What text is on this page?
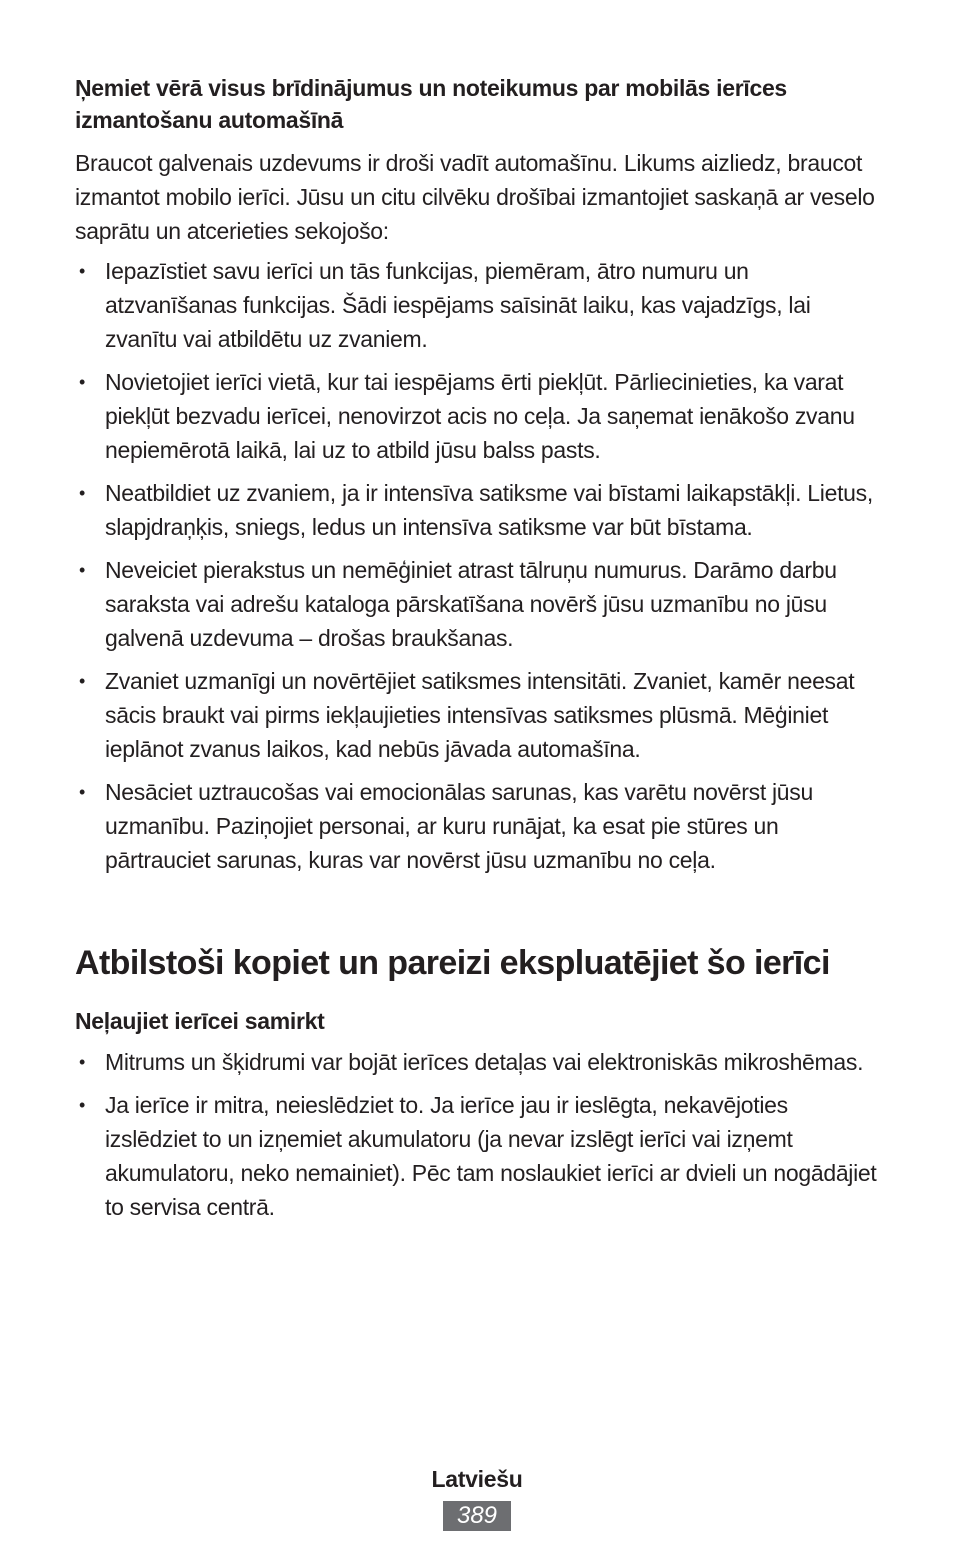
Ņemiet vērā visus brīdinājumus un noteikumus par mobilās ierīces izmantošanu automašīnā

Braucot galvenais uzdevums ir droši vadīt automašīnu. Likums aizliedz, braucot izmantot mobilo ierīci. Jūsu un citu cilvēku drošībai izmantojiet saskaņā ar veselo saprātu un atcerieties sekojošo:

• Iepazīstiet savu ierīci un tās funkcijas, piemēram, ātro numuru un atzvanīšanas funkcijas. Šādi iespējams saīsināt laiku, kas vajadzīgs, lai zvanītu vai atbildētu uz zvaniem.
• Novietojiet ierīci vietā, kur tai iespējams ērti piekļūt. Pārliecinieties, ka varat piekļūt bezvadu ierīcei, nenovirzot acis no ceļa. Ja saņemat ienākošo zvanu nepiemērotā laikā, lai uz to atbild jūsu balss pasts.
• Neatbildiet uz zvaniem, ja ir intensīva satiksme vai bīstami laikapstākļi. Lietus, slapjdraņķis, sniegs, ledus un intensīva satiksme var būt bīstama.
• Neveiciet pierakstus un nemēģiniet atrast tālruņu numurus. Darāmo darbu saraksta vai adrešu kataloga pārskatīšana novērš jūsu uzmanību no jūsu galvenā uzdevuma – drošas braukšanas.
• Zvaniet uzmanīgi un novērtējiet satiksmes intensitāti. Zvaniet, kamēr neesat sācis braukt vai pirms iekļaujieties intensīvas satiksmes plūsmā. Mēģiniet ieplānot zvanus laikos, kad nebūs jāvada automašīna.
• Nesāciet uztraucošas vai emocionālas sarunas, kas varētu novērst jūsu uzmanību. Paziņojiet personai, ar kuru runājat, ka esat pie stūres un pārtrauciet sarunas, kuras var novērst jūsu uzmanību no ceļa.
Atbilstoši kopiet un pareizi ekspluatējiet šo ierīci
Neļaujiet ierīcei samirkt
• Mitrums un šķidrumi var bojāt ierīces detaļas vai elektroniskās mikroshēmas.
• Ja ierīce ir mitra, neieslēdziet to. Ja ierīce jau ir ieslēgta, nekavējoties izslēdziet to un izņemiet akumulatoru (ja nevar izslēgt ierīci vai izņemt akumulatoru, neko nemainiet). Pēc tam noslaukiet ierīci ar dvieli un nogādājiet to servisa centrā.
Latviešu
389
